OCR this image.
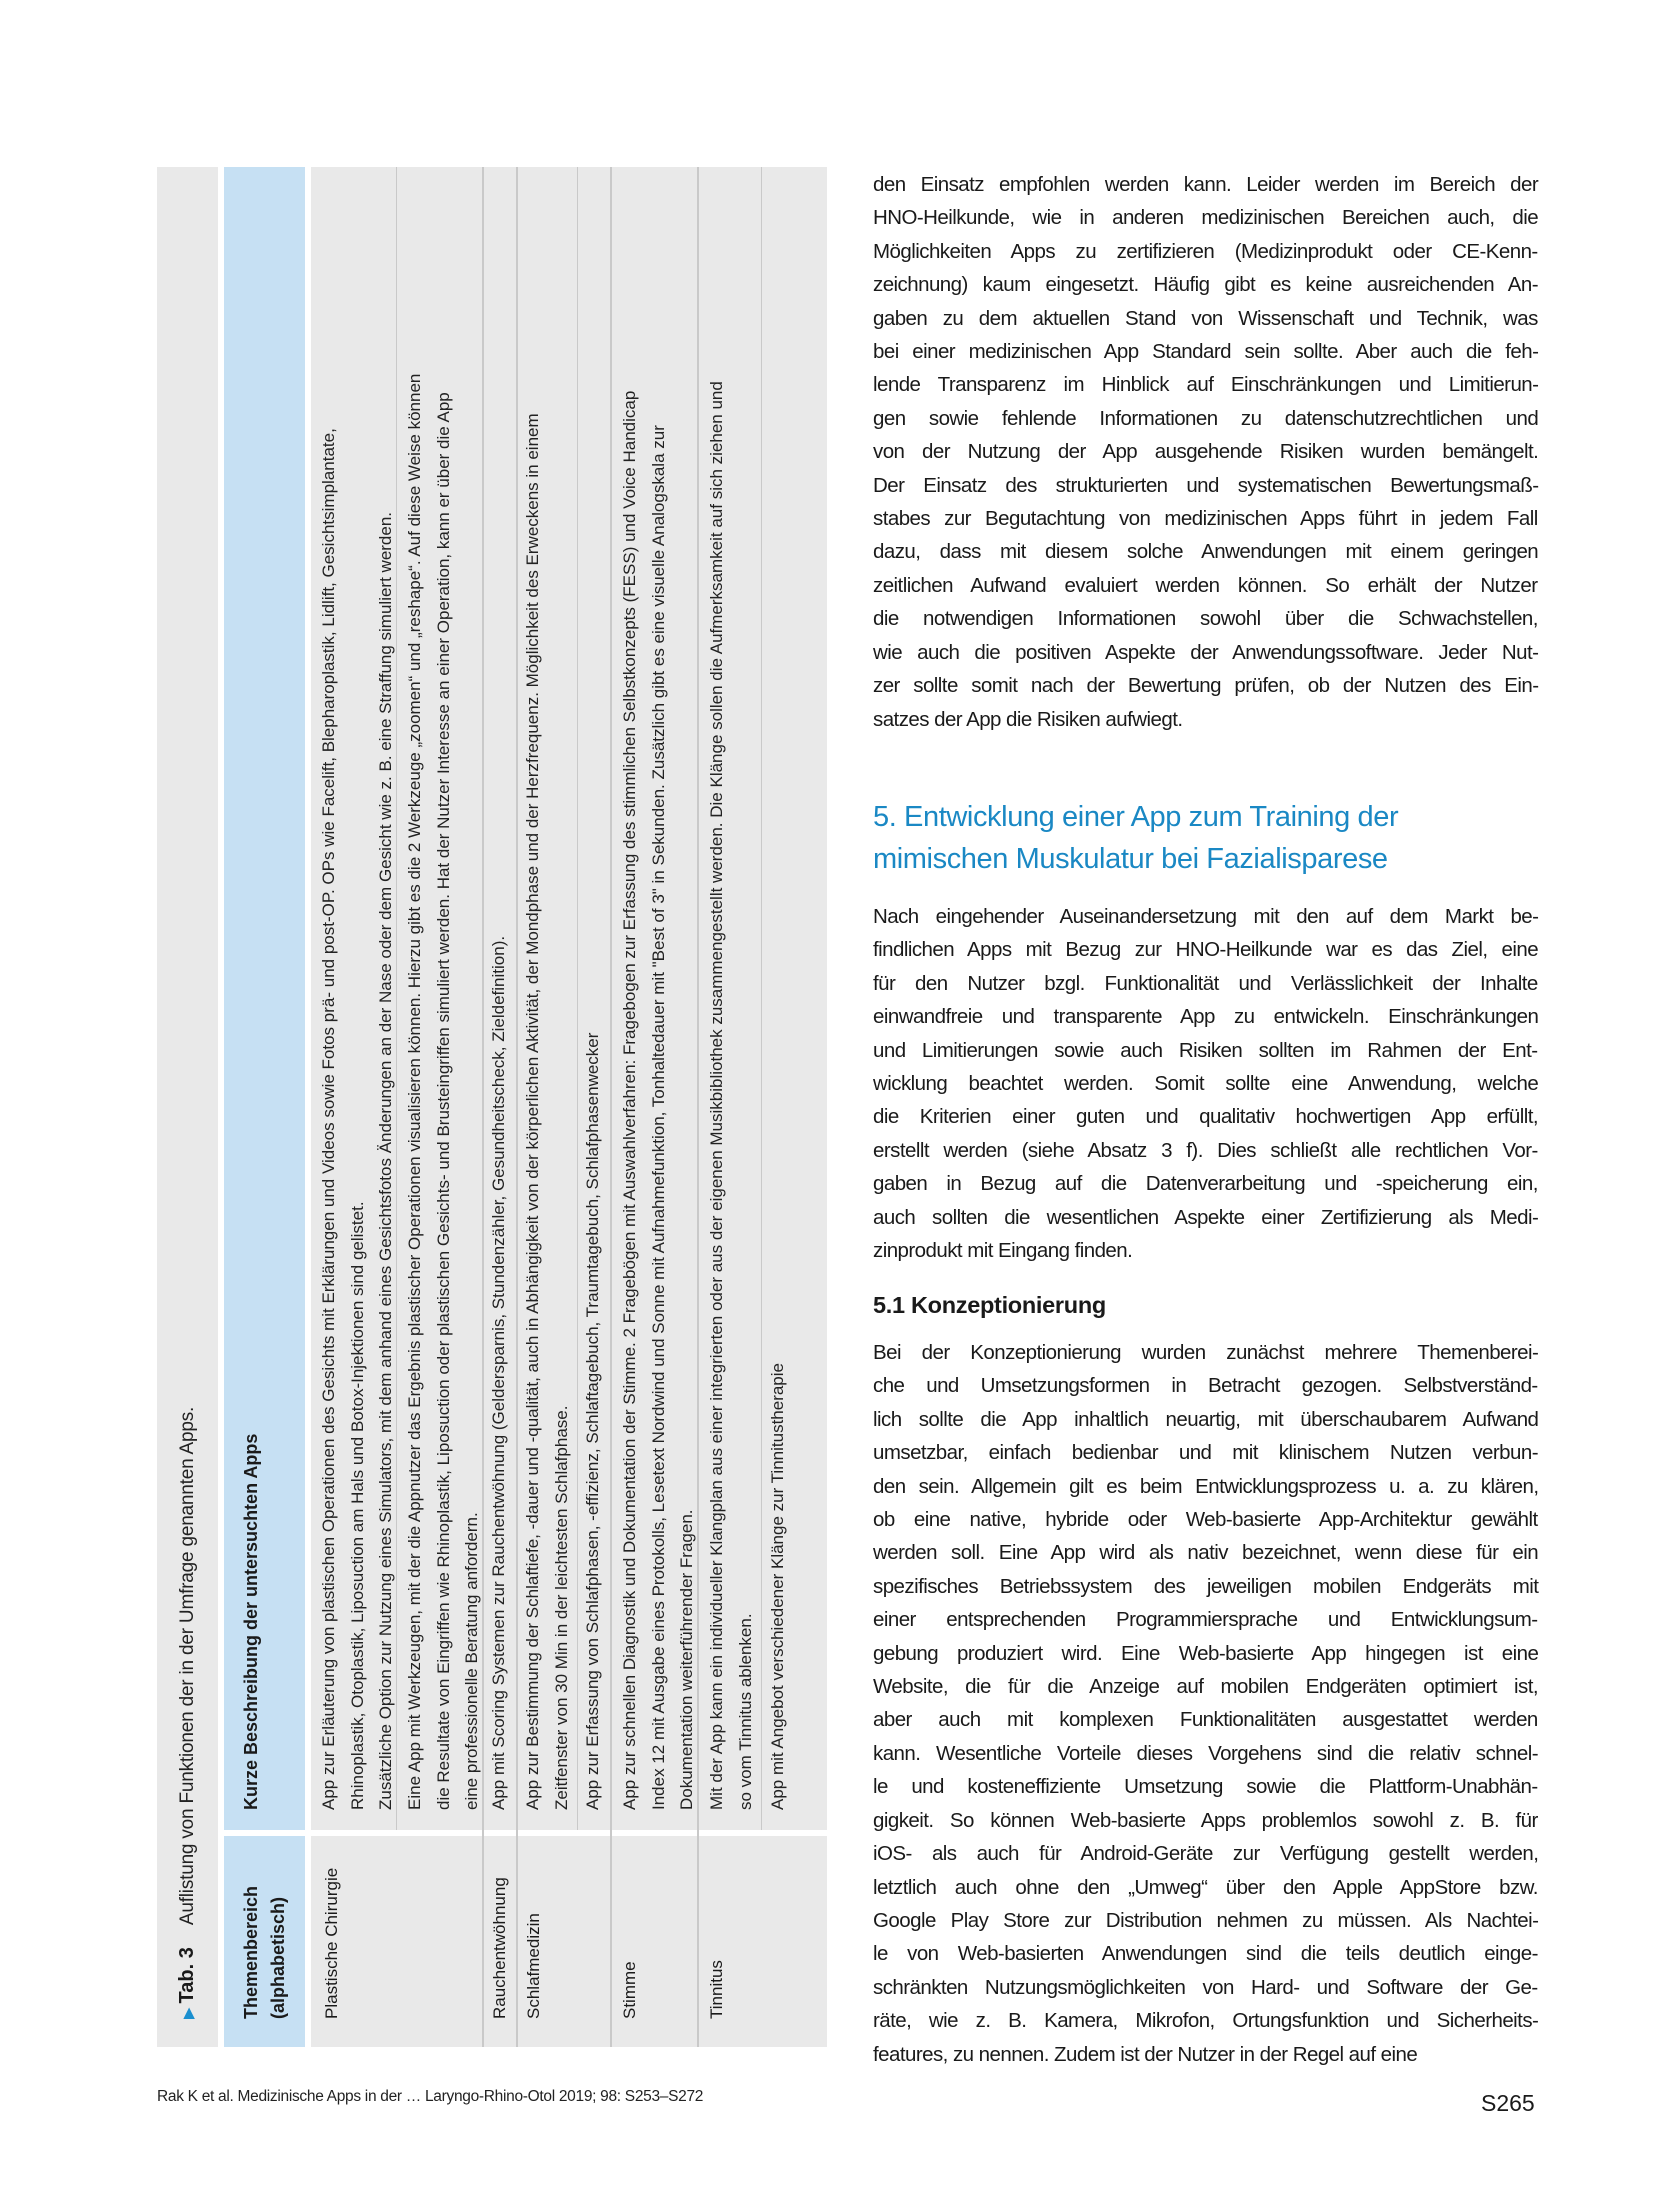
▶
Tab. 3
Auflistung von Funktionen der in der Umfrage genannten Apps.
Themenbereich (alphabetisch)
Kurze Beschreibung der untersuchten Apps
Plastische Chirurgie
App zur Erläuterung von plastischen Operationen des Gesichts mit Erklärungen und Videos sowie Fotos prä- und post-OP. OPs wie Facelift, Blepharoplastik, Lidlift, Gesichtsimplantate, Rhinoplastik, Otoplastik, Liposuction am Hals und Botox-Injektionen sind gelistet. Zusätzliche Option zur Nutzung eines Simulators, mit dem anhand eines Gesichtsfotos Änderungen an der Nase oder dem Gesicht wie z. B. eine Straffung simuliert werden. Eine App mit Werkzeugen, mit der die Appnutzer das Ergebnis plastischer Operationen visualisieren können. Hierzu gibt es die 2 Werkzeuge „zoomen“ und „reshape“. Auf diese Weise können die Resultate von Eingriffen wie Rhinoplastik, Liposuction oder plastischen Gesichts- und Brusteingriffen simuliert werden. Hat der Nutzer Interesse an einer Operation, kann er über die App eine professionelle Beratung anfordern.
Rauchentwöhnung
App mit Scoring Systemen zur Rauchentwöhnung (Geldersparnis, Stundenzähler, Gesundheitscheck, Zieldefinition).
Schlafmedizin
App zur Bestimmung der Schlaftiefe, -dauer und -qualität, auch in Abhängigkeit von der körperlichen Aktivität, der Mondphase und der Herzfrequenz. Möglichkeit des Erweckens in einem Zeitfenster von 30 Min in der leichtesten Schlafphase. App zur Erfassung von Schlafphasen, -effizienz, Schlaftagebuch, Traumtagebuch, Schlafphasenwecker
Stimme
App zur schnellen Diagnostik und Dokumentation der Stimme. 2 Fragebögen mit Auswahlverfahren: Fragebogen zur Erfassung des stimmlichen Selbstkonzepts (FESS) und Voice Handicap Index 12 mit Ausgabe eines Protokolls, Lesetext Nordwind und Sonne mit Aufnahmefunktion, Tonhaltedauer mit "Best of 3" in Sekunden. Zusätzlich gibt es eine visuelle Analogskala zur Dokumentation weiterführender Fragen.
Tinnitus
Mit der App kann ein individueller Klangplan aus einer integrierten oder aus der eigenen Musikbibliothek zusammengestellt werden. Die Klänge sollen die Aufmerksamkeit auf sich ziehen und so vom Tinnitus ablenken. App mit Angebot verschiedener Klänge zur Tinnitustherapie
den Einsatz empfohlen werden kann. Leider werden im Bereich der
HNO-Heilkunde, wie in anderen medizinischen Bereichen auch, die
Möglichkeiten Apps zu zertifizieren (Medizinprodukt oder CE-Kenn-
zeichnung) kaum eingesetzt. Häufig gibt es keine ausreichenden An-
gaben zu dem aktuellen Stand von Wissenschaft und Technik, was
bei einer medizinischen App Standard sein sollte. Aber auch die feh-
lende Transparenz im Hinblick auf Einschränkungen und Limitierun-
gen sowie fehlende Informationen zu datenschutzrechtlichen und
von der Nutzung der App ausgehende Risiken wurden bemängelt.
Der Einsatz des strukturierten und systematischen Bewertungsmaß-
stabes zur Begutachtung von medizinischen Apps führt in jedem Fall
dazu, dass mit diesem solche Anwendungen mit einem geringen
zeitlichen Aufwand evaluiert werden können. So erhält der Nutzer
die notwendigen Informationen sowohl über die Schwachstellen,
wie auch die positiven Aspekte der Anwendungssoftware. Jeder Nut-
zer sollte somit nach der Bewertung prüfen, ob der Nutzen des Ein-
satzes der App die Risiken aufwiegt.
5. Entwicklung einer App zum Training der
mimischen Muskulatur bei Fazialisparese
Nach eingehender Auseinandersetzung mit den auf dem Markt be-
findlichen Apps mit Bezug zur HNO-Heilkunde war es das Ziel, eine
für den Nutzer bzgl. Funktionalität und Verlässlichkeit der Inhalte
einwandfreie und transparente App zu entwickeln. Einschränkungen
und Limitierungen sowie auch Risiken sollten im Rahmen der Ent-
wicklung beachtet werden. Somit sollte eine Anwendung, welche
die Kriterien einer guten und qualitativ hochwertigen App erfüllt,
erstellt werden (siehe Absatz 3 f). Dies schließt alle rechtlichen Vor-
gaben in Bezug auf die Datenverarbeitung und -speicherung ein,
auch sollten die wesentlichen Aspekte einer Zertifizierung als Medi-
zinprodukt mit Eingang finden.
5.1 Konzeptionierung
Bei der Konzeptionierung wurden zunächst mehrere Themenberei-
che und Umsetzungsformen in Betracht gezogen. Selbstverständ-
lich sollte die App inhaltlich neuartig, mit überschaubarem Aufwand
umsetzbar, einfach bedienbar und mit klinischem Nutzen verbun-
den sein. Allgemein gilt es beim Entwicklungsprozess u. a. zu klären,
ob eine native, hybride oder Web-basierte App-Architektur gewählt
werden soll. Eine App wird als nativ bezeichnet, wenn diese für ein
spezifisches Betriebssystem des jeweiligen mobilen Endgeräts mit
einer entsprechenden Programmiersprache und Entwicklungsum-
gebung produziert wird. Eine Web-basierte App hingegen ist eine
Website, die für die Anzeige auf mobilen Endgeräten optimiert ist,
aber auch mit komplexen Funktionalitäten ausgestattet werden
kann. Wesentliche Vorteile dieses Vorgehens sind die relativ schnel-
le und kosteneffiziente Umsetzung sowie die Plattform-Unabhän-
gigkeit. So können Web-basierte Apps problemlos sowohl z. B. für
iOS- als auch für Android-Geräte zur Verfügung gestellt werden,
letztlich auch ohne den „Umweg“ über den Apple AppStore bzw.
Google Play Store zur Distribution nehmen zu müssen. Als Nachtei-
le von Web-basierten Anwendungen sind die teils deutlich einge-
schränkten Nutzungsmöglichkeiten von Hard- und Software der Ge-
räte, wie z. B. Kamera, Mikrofon, Ortungsfunktion und Sicherheits-
features, zu nennen. Zudem ist der Nutzer in der Regel auf eine
Rak K et al. Medizinische Apps in der … Laryngo-Rhino-Otol 2019; 98: S253–S272	S265
